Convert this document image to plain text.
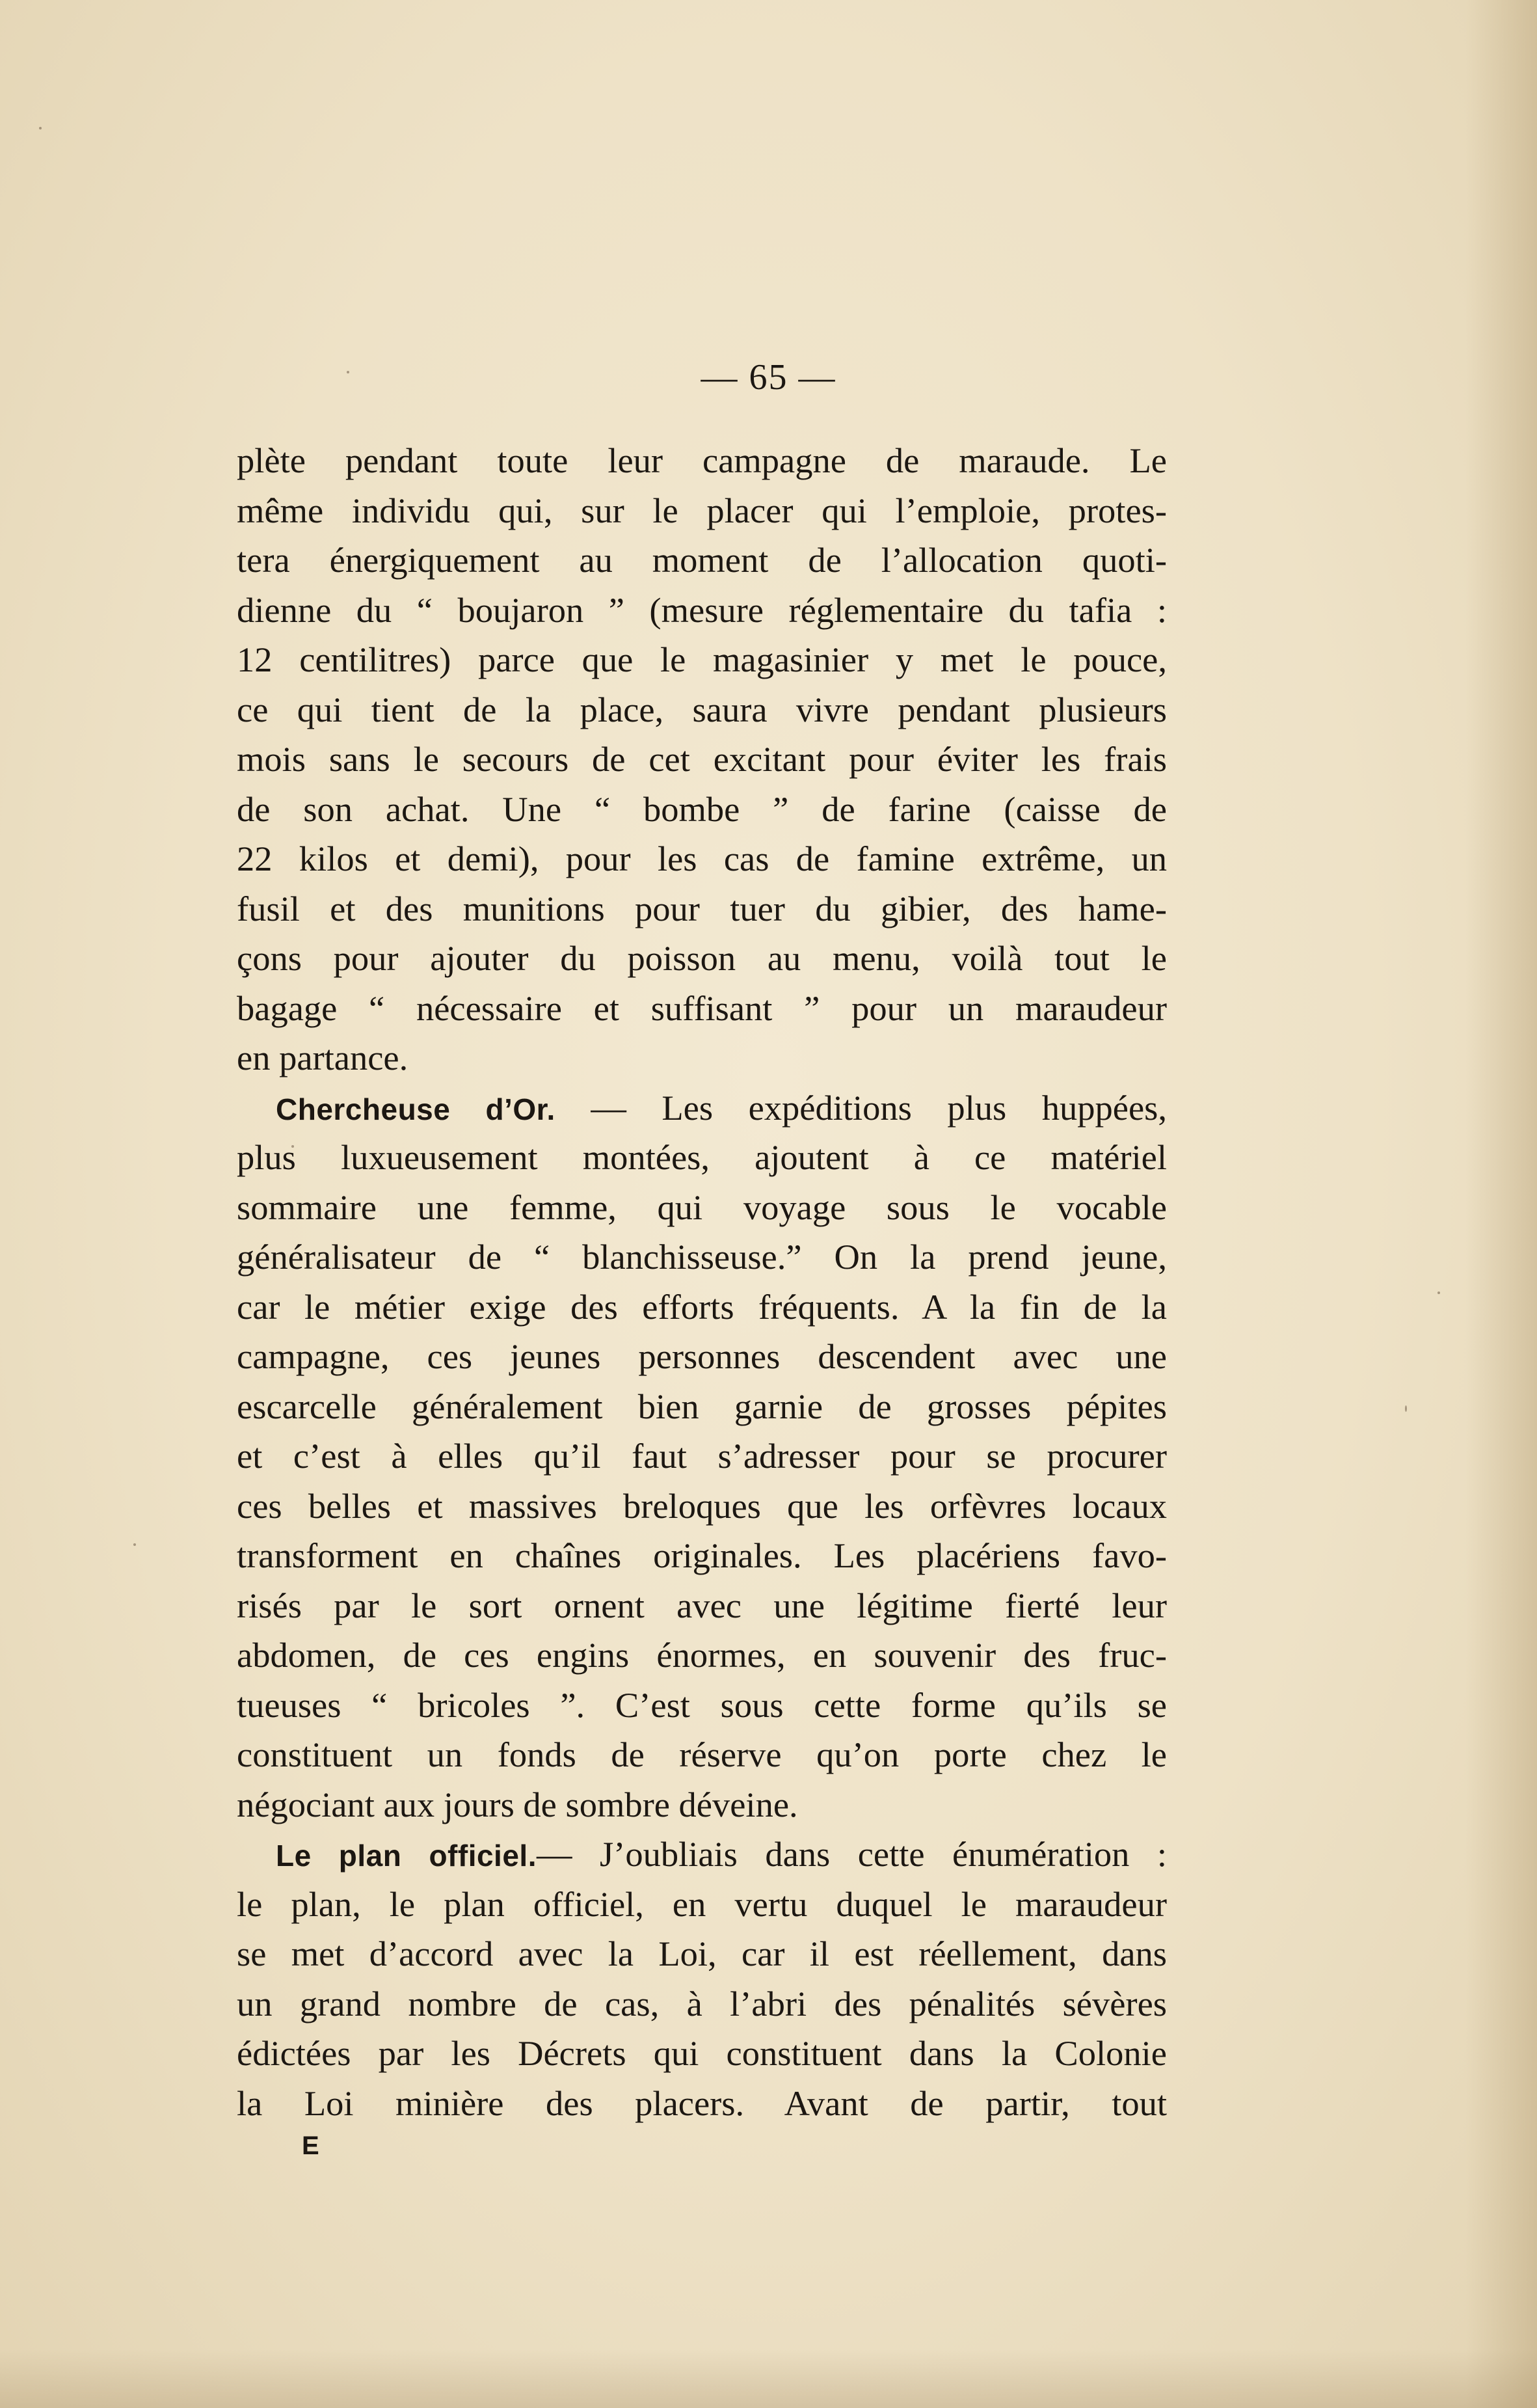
— 65 —
plète pendant toute leur campagne de maraude. Le
même individu qui, sur le placer qui l’emploie, protes-
tera énergiquement au moment de l’allocation quoti-
dienne du “ boujaron ” (mesure réglementaire du tafia :
12 centilitres) parce que le magasinier y met le pouce,
ce qui tient de la place, saura vivre pendant plusieurs
mois sans le secours de cet excitant pour éviter les frais
de son achat. Une “ bombe ” de farine (caisse de
22 kilos et demi), pour les cas de famine extrême, un
fusil et des munitions pour tuer du gibier, des hame-
çons pour ajouter du poisson au menu, voilà tout le
bagage “ nécessaire et suffisant ” pour un maraudeur
en partance.
Chercheuse d’Or. — Les expéditions plus huppées,
plus luxueusement montées, ajoutent à ce matériel
sommaire une femme, qui voyage sous le vocable
généralisateur de “ blanchisseuse.” On la prend jeune,
car le métier exige des efforts fréquents. A la fin de la
campagne, ces jeunes personnes descendent avec une
escarcelle généralement bien garnie de grosses pépites
et c’est à elles qu’il faut s’adresser pour se procurer
ces belles et massives breloques que les orfèvres locaux
transforment en chaînes originales. Les placériens favo-
risés par le sort ornent avec une légitime fierté leur
abdomen, de ces engins énormes, en souvenir des fruc-
tueuses “ bricoles ”. C’est sous cette forme qu’ils se
constituent un fonds de réserve qu’on porte chez le
négociant aux jours de sombre déveine.
Le plan officiel.— J’oubliais dans cette énumération :
le plan, le plan officiel, en vertu duquel le maraudeur
se met d’accord avec la Loi, car il est réellement, dans
un grand nombre de cas, à l’abri des pénalités sévères
édictées par les Décrets qui constituent dans la Colonie
la Loi minière des placers. Avant de partir, tout
E
